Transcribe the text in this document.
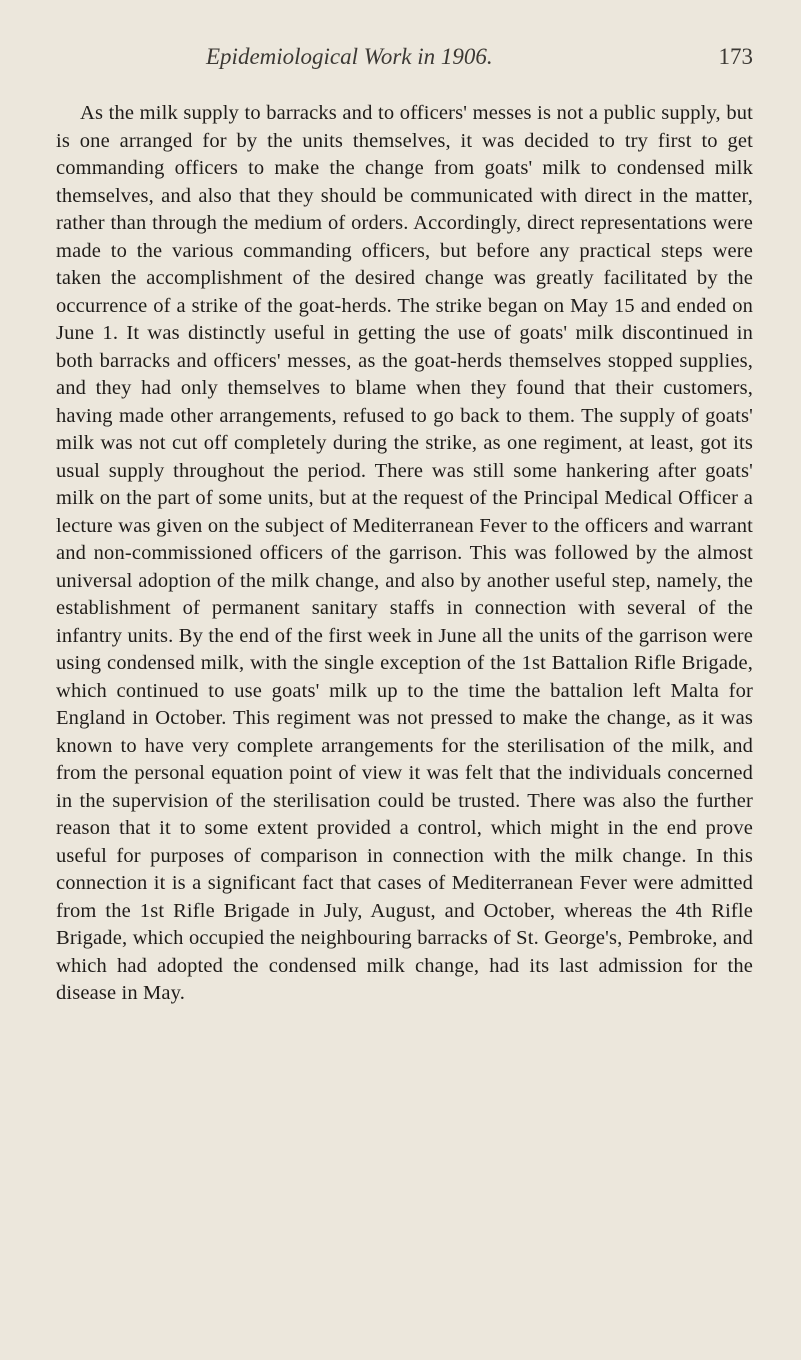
Epidemiological Work in 1906.	173

As the milk supply to barracks and to officers' messes is not a public supply, but is one arranged for by the units themselves, it was decided to try first to get commanding officers to make the change from goats' milk to condensed milk themselves, and also that they should be communicated with direct in the matter, rather than through the medium of orders. Accordingly, direct representations were made to the various commanding officers, but before any practical steps were taken the accomplishment of the desired change was greatly facilitated by the occurrence of a strike of the goat-herds. The strike began on May 15 and ended on June 1. It was distinctly useful in getting the use of goats' milk discontinued in both barracks and officers' messes, as the goat-herds themselves stopped supplies, and they had only themselves to blame when they found that their customers, having made other arrangements, refused to go back to them. The supply of goats' milk was not cut off completely during the strike, as one regiment, at least, got its usual supply throughout the period. There was still some hankering after goats' milk on the part of some units, but at the request of the Principal Medical Officer a lecture was given on the subject of Mediterranean Fever to the officers and warrant and non-commissioned officers of the garrison. This was followed by the almost universal adoption of the milk change, and also by another useful step, namely, the establishment of permanent sanitary staffs in connection with several of the infantry units. By the end of the first week in June all the units of the garrison were using condensed milk, with the single exception of the 1st Battalion Rifle Brigade, which continued to use goats' milk up to the time the battalion left Malta for England in October. This regiment was not pressed to make the change, as it was known to have very complete arrangements for the sterilisation of the milk, and from the personal equation point of view it was felt that the individuals concerned in the supervision of the sterilisation could be trusted. There was also the further reason that it to some extent provided a control, which might in the end prove useful for purposes of comparison in connection with the milk change. In this connection it is a significant fact that cases of Mediterranean Fever were admitted from the 1st Rifle Brigade in July, August, and October, whereas the 4th Rifle Brigade, which occupied the neighbouring barracks of St. George's, Pembroke, and which had adopted the condensed milk change, had its last admission for the disease in May.
